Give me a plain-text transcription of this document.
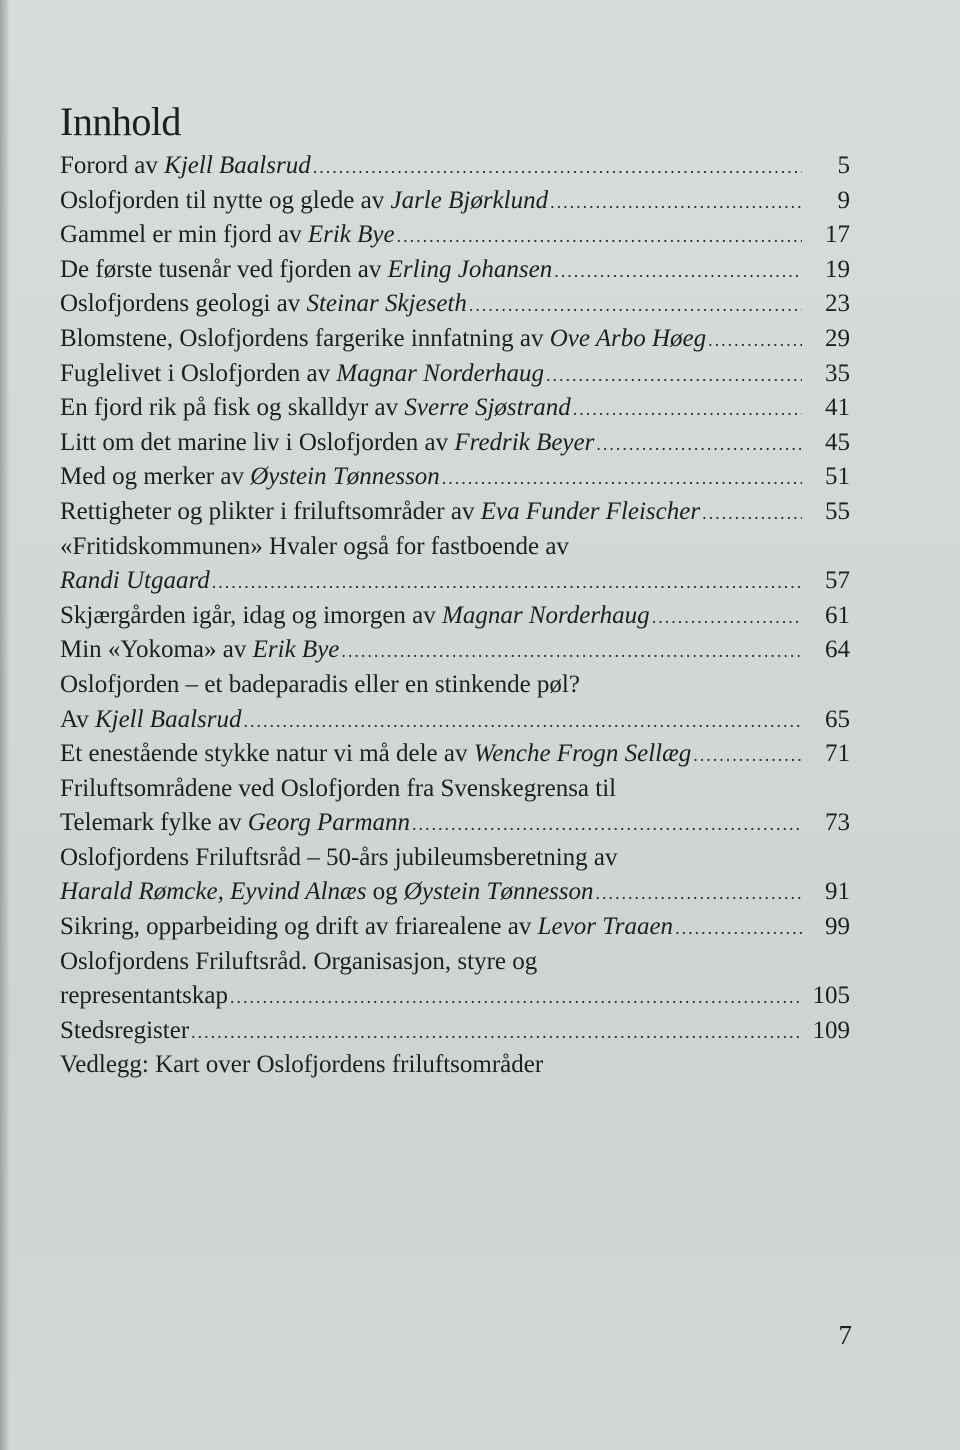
Innhold
Forord av Kjell Baalsrud .....	5
Oslofjorden til nytte og glede av Jarle Bjørklund .....	9
Gammel er min fjord av Erik Bye .....	17
De første tusenår ved fjorden av Erling Johansen .....	19
Oslofjordens geologi av Steinar Skjeseth .....	23
Blomstene, Oslofjordens fargerike innfatning av Ove Arbo Høeg .....	29
Fuglelivet i Oslofjorden av Magnar Norderhaug .....	35
En fjord rik på fisk og skalldyr av Sverre Sjøstrand .....	41
Litt om det marine liv i Oslofjorden av Fredrik Beyer .....	45
Med og merker av Øystein Tønnesson .....	51
Rettigheter og plikter i friluftsområder av Eva Funder Fleischer .....	55
«Fritidskommunen» Hvaler også for fastboende av
Randi Utgaard .....	57
Skjærgården igår, idag og imorgen av Magnar Norderhaug .....	61
Min «Yokoma» av Erik Bye .....	64
Oslofjorden – et badeparadis eller en stinkende pøl?
Av Kjell Baalsrud .....	65
Et enestående stykke natur vi må dele av Wenche Frogn Sellæg .....	71
Friluftsområdene ved Oslofjorden fra Svenskegrensa til
Telemark fylke av Georg Parmann .....	73
Oslofjordens Friluftsråd – 50-års jubileumsberetning av
Harald Rømcke, Eyvind Alnæs og Øystein Tønnesson .....	91
Sikring, opparbeiding og drift av friarealene av Levor Traaen .....	99
Oslofjordens Friluftsråd. Organisasjon, styre og
representantskap .....	105
Stedsregister .....	109
Vedlegg: Kart over Oslofjordens friluftsområder
7
